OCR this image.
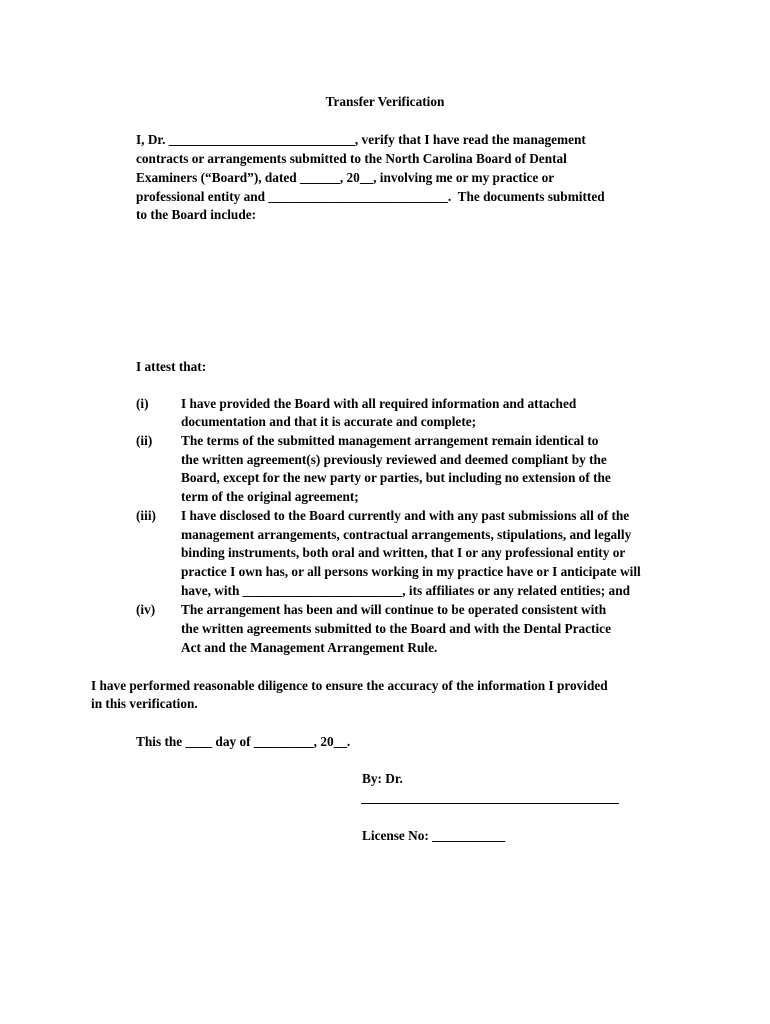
Transfer Verification
I, Dr. ____________________________, verify that I have read the management
contracts or arrangements submitted to the North Carolina Board of Dental
Examiners (“Board”), dated ______, 20__, involving me or my practice or
professional entity and ___________________________.  The documents submitted
to the Board include:
I attest that:
(i) I have provided the Board with all required information and attached
documentation and that it is accurate and complete;
(ii) The terms of the submitted management arrangement remain identical to
the written agreement(s) previously reviewed and deemed compliant by the
Board, except for the new party or parties, but including no extension of the
term of the original agreement;
(iii) I have disclosed to the Board currently and with any past submissions all of the
management arrangements, contractual arrangements, stipulations, and legally
binding instruments, both oral and written, that I or any professional entity or
practice I own has, or all persons working in my practice have or I anticipate will
have, with ________________________, its affiliates or any related entities; and
(iv) The arrangement has been and will continue to be operated consistent with
the written agreements submitted to the Board and with the Dental Practice
Act and the Management Arrangement Rule.
I have performed reasonable diligence to ensure the accuracy of the information I provided
in this verification.
This the ____ day of _________, 20__.
By: Dr.
License No: ___________
